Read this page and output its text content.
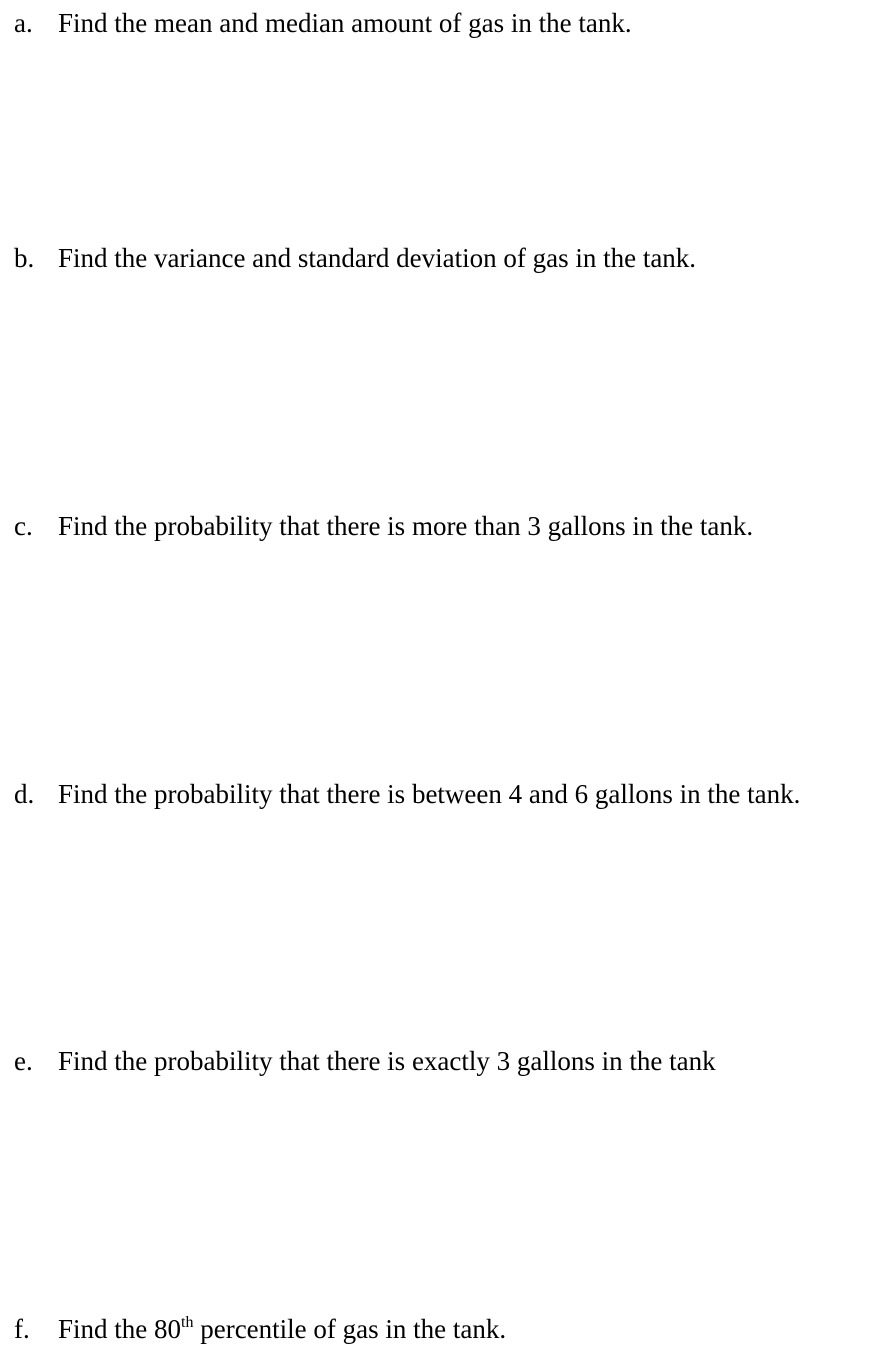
a. Find the mean and median amount of gas in the tank.
b. Find the variance and standard deviation of gas in the tank.
c. Find the probability that there is more than 3 gallons in the tank.
d. Find the probability that there is between 4 and 6 gallons in the tank.
e. Find the probability that there is exactly 3 gallons in the tank
f. Find the 80th percentile of gas in the tank.
